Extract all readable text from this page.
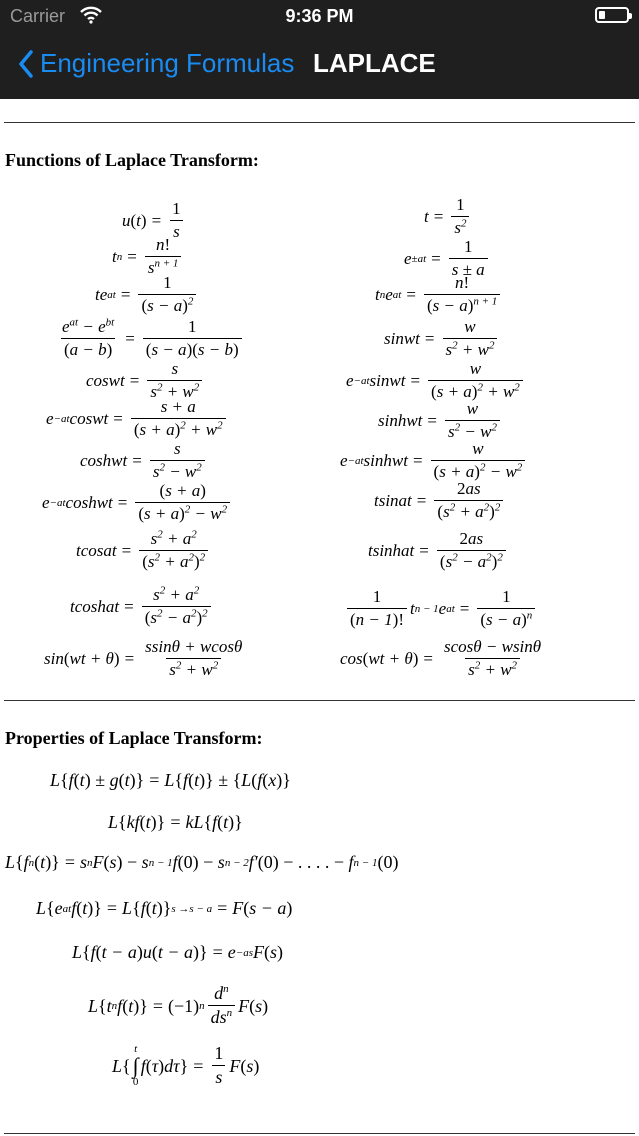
Carrier	9:36 PM
Engineering Formulas LAPLACE
Functions of Laplace Transform:
u ( t ) = $\frac{1}{s}$
t $n = \frac{n!}{s^{n + 1}}$
te at = $\frac{1}{(s - a)^2}$
$\frac{e^{at} - e^{bt}}{(a - b)} = \frac{1}{(s - a)(s - b)}$
coswt = $\frac{s}{s^2 + w^2}$
e −at coswt = $\frac{s + a}{(s + a)^2 + w^2}$
coshwt = $\frac{s}{s^2 - w^2}$
e −at coshwt = $\frac{(s + a)}{(s + a)^2 - w^2}$
tcosat = $\frac{s^2 + a^2}{(s^2 + a^2)^2}$
tcoshat = $\frac{s^2 + a^2}{(s^2 - a^2)^2}$
sin ( wt + θ ) = $\frac{ssin\theta + wcos\theta}{s^2 + w^2}$
$t = \frac{1}{s^2}$
$e \pm at = \frac{1}{s \pm a}$
t n e at = $\frac{n!}{(s - a)^{n + 1}}$
sinwt = $\frac{w}{s^2 + w^2}$
e −at sinwt = $\frac{w}{(s + a)^2 + w^2}$
sinhwt = $\frac{w}{s^2 - w^2}$
e −at sinhwt = $\frac{w}{(s + a)^2 - w^2}$
tsinat = $\frac{2as}{(s^2 + a^2)^2}$
tsinhat = $\frac{2as}{(s^2 - a^2)^2}$
$\frac{1}{(n - 1)!}$ t n − 1 e at = $\frac{1}{(s - a)^n}$
cos ( wt + θ ) = $\frac{scos\theta - wsin\theta}{s^2 + w^2}$
Properties of Laplace Transform:
L { f ( t )
± g ( t )} = L { f ( t )}
± { L ( f ( x )}
L { kf ( t )} = kL { f ( t )}
L { f n ( t )} = s n F ( s )
− s n − 1 f (0)
− s n − 2 f′ (0)
− . . . . − f n − 1 (0)
L { e at f ( t )} = L { f ( t )} s →s − a = F ( s − a )
L { f ( t − a ) u ( t − a )} = e −as F ( s )
L { t n f ( t )} = (−1) n $\frac{d^n}{ds^n}$ F ( s )
L {
t
∫
0
f ( τ ) dτ } = $\frac{1}{s}$ F ( s )
